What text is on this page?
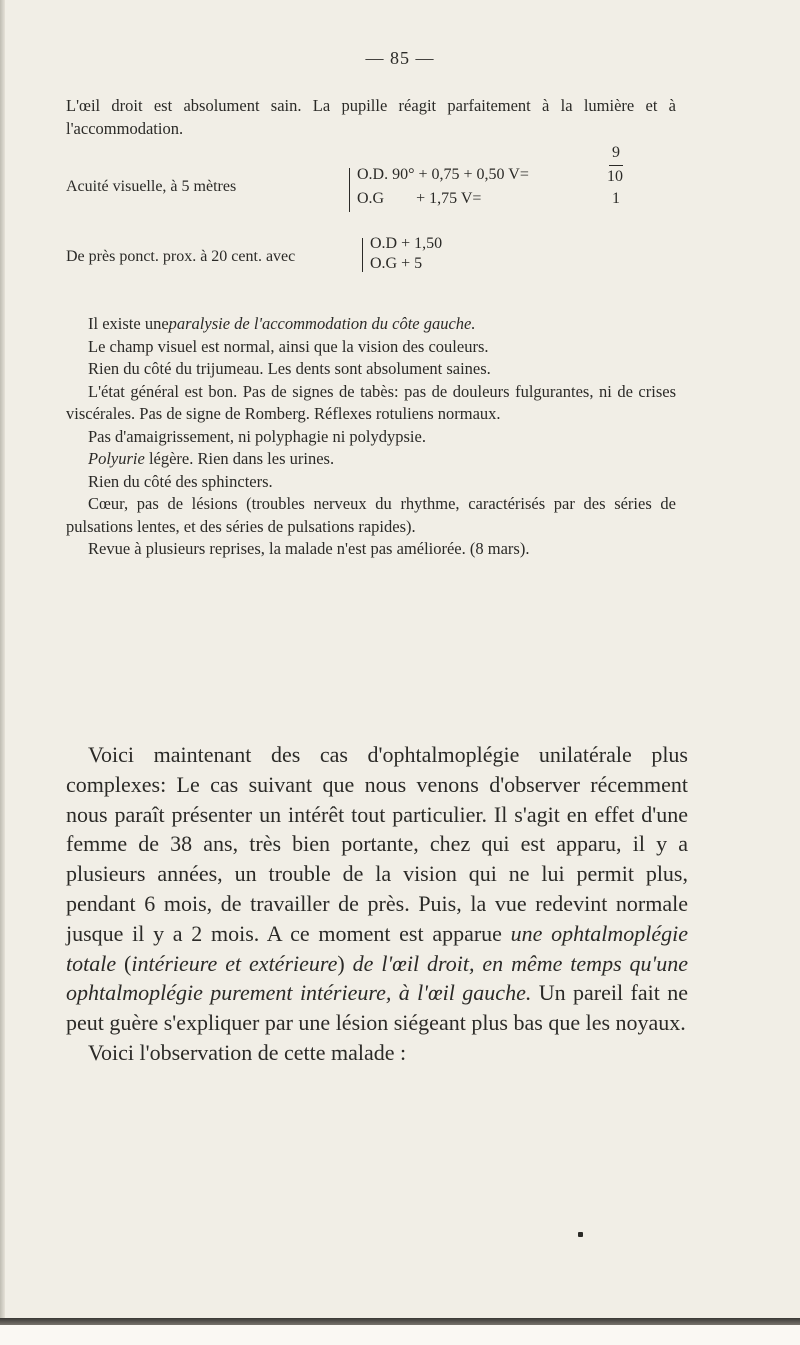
— 85 —

L'œil droit est absolument sain. La pupille réagit parfaitement à la lumière et à l'accommodation.

Acuité visuelle, à 5 mètres
O.D. 90° + 0,75 + 0,50 V=
O.G        + 1,75 V=
9
10
1
De près ponct. prox. à 20 cent. avec
O.D + 1,50
O.G + 5

Il existe uneparalysie de l'accommodation du côte gauche.

Le champ visuel est normal, ainsi que la vision des couleurs.

Rien du côté du trijumeau. Les dents sont absolument saines.

L'état général est bon. Pas de signes de tabès: pas de douleurs fulgurantes, ni de crises viscérales. Pas de signe de Romberg. Réflexes rotuliens normaux.

Pas d'amaigrissement, ni polyphagie ni polydypsie.

Polyurie légère. Rien dans les urines.

Rien du côté des sphincters.

Cœur, pas de lésions (troubles nerveux du rhythme, caractérisés par des séries de pulsations lentes, et des séries de pulsations rapides).

Revue à plusieurs reprises, la malade n'est pas améliorée. (8 mars).

Voici maintenant des cas d'ophtalmoplégie unilatérale plus complexes: Le cas suivant que nous venons d'observer récemment nous paraît présenter un intérêt tout particulier. Il s'agit en effet d'une femme de 38 ans, très bien portante, chez qui est apparu, il y a plusieurs années, un trouble de la vision qui ne lui permit plus, pendant 6 mois, de travailler de près. Puis, la vue redevint normale jusque il y a 2 mois. A ce moment est apparue une ophtalmoplégie totale (intérieure et extérieure) de l'œil droit, en même temps qu'une ophtalmoplégie purement intérieure, à l'œil gauche. Un pareil fait ne peut guère s'expliquer par une lésion siégeant plus bas que les noyaux.

Voici l'observation de cette malade :
